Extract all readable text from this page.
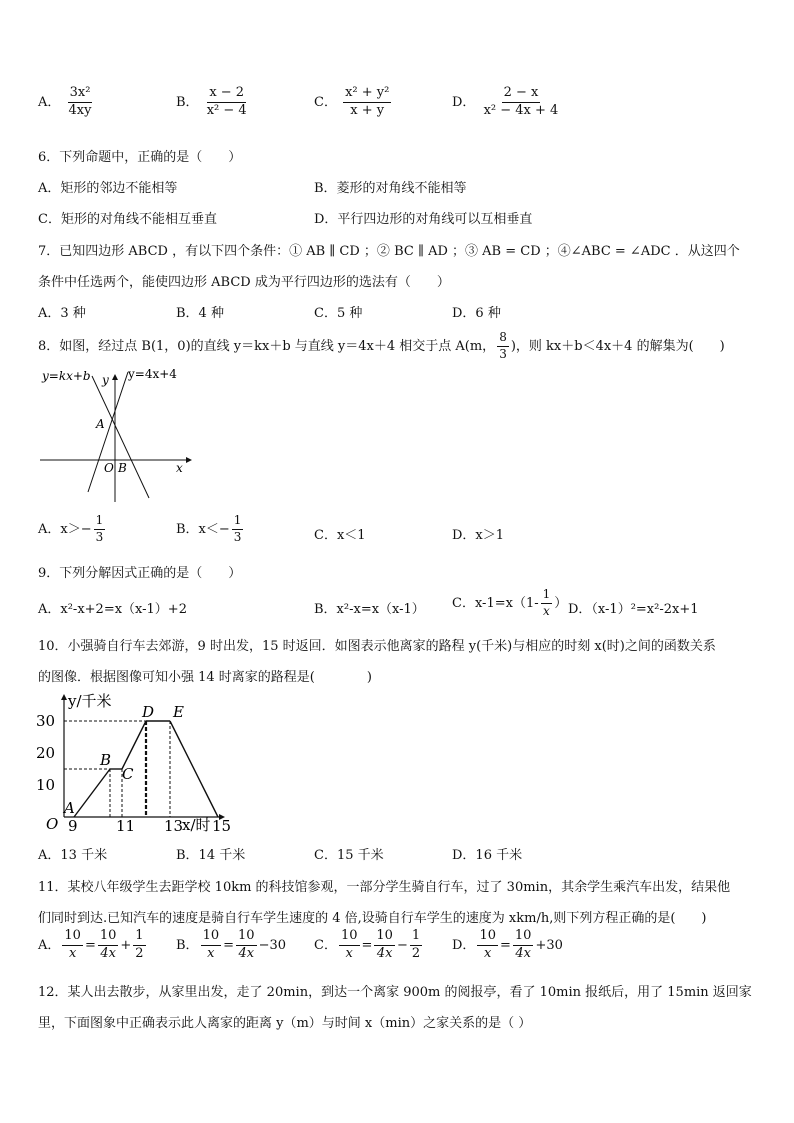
A． $\frac{\text{3x²}}{4xy}$	B． $\frac{x - 2}{\text{x² − 4}}$	C． $\frac{\text{x² + y²}}{x + y}$	D． $\frac{2 - x}{\text{x² − 4x + 4}}$
6．下列命题中，正确的是（　　）
A．矩形的邻边不能相等	B．菱形的对角线不能相等
C．矩形的对角线不能相互垂直	D．平行四边形的对角线可以互相垂直
7．已知四边形 ABCD ，有以下四个条件：① AB ∥ CD ；② BC ∥ AD ；③ AB = CD ；④∠ABC = ∠ADC ．从这四个
条件中任选两个，能使四边形 ABCD 成为平行四边形的选法有（　　）
A．3 种	B．4 种	C．5 种	D．6 种
8．如图，经过点 B(1，0)的直线 y＝kx＋b 与直线 y＝4x＋4 相交于点 A(m， $\frac{8}{3}$ )，则 kx＋b＜4x＋4 的解集为(　　)
y=kx+b	y=4x+4
y
x
O B
A
A．$x>- \frac{1}{3}$	B．$x<- \frac{1}{3}$	C．x＜1	D．x＞1
9．下列分解因式正确的是（　　）
A．x²-x+2=x（x-1）+2	B．x²-x=x（x-1） C．$x-1=x(1- \frac{1}{x}$ ） D．（x-1）²=x²-2x+1
10．小强骑自行车去郊游，9 时出发，15 时返回．如图表示他离家的路程 y(千米)与相应的时刻 x(时)之间的函数关系
的图像．根据图像可知小强 14 时离家的路程是(　　　　)
y/千米
x/时
O 9	11 13 15
10
20
30
A
B
C
D E
A．13 千米	B．14 千米	C．15 千米	D．16 千米
11．某校八年级学生去距学校 10km 的科技馆参观，一部分学生骑自行车，过了 30min，其余学生乘汽车出发，结果他
们同时到达.已知汽车的速度是骑自行车学生速度的 4 倍,设骑自行车学生的速度为 xkm/h,则下列方程正确的是(　　)
A． $\frac{10}{x} = \frac{10}{4x} + \frac{1}{2}$ B． $\frac{10}{x} = \frac{10}{4x} -30$ C． $\frac{10}{x} = \frac{10}{4x} - \frac{1}{2}$ D． $\frac{10}{x} = \frac{10}{4x} +30$
12．某人出去散步，从家里出发，走了 20min，到达一个离家 900m 的阅报亭，看了 10min 报纸后，用了 15min 返回家
里，下面图象中正确表示此人离家的距离 y（m）与时间 x（min）之家关系的是（ ）
